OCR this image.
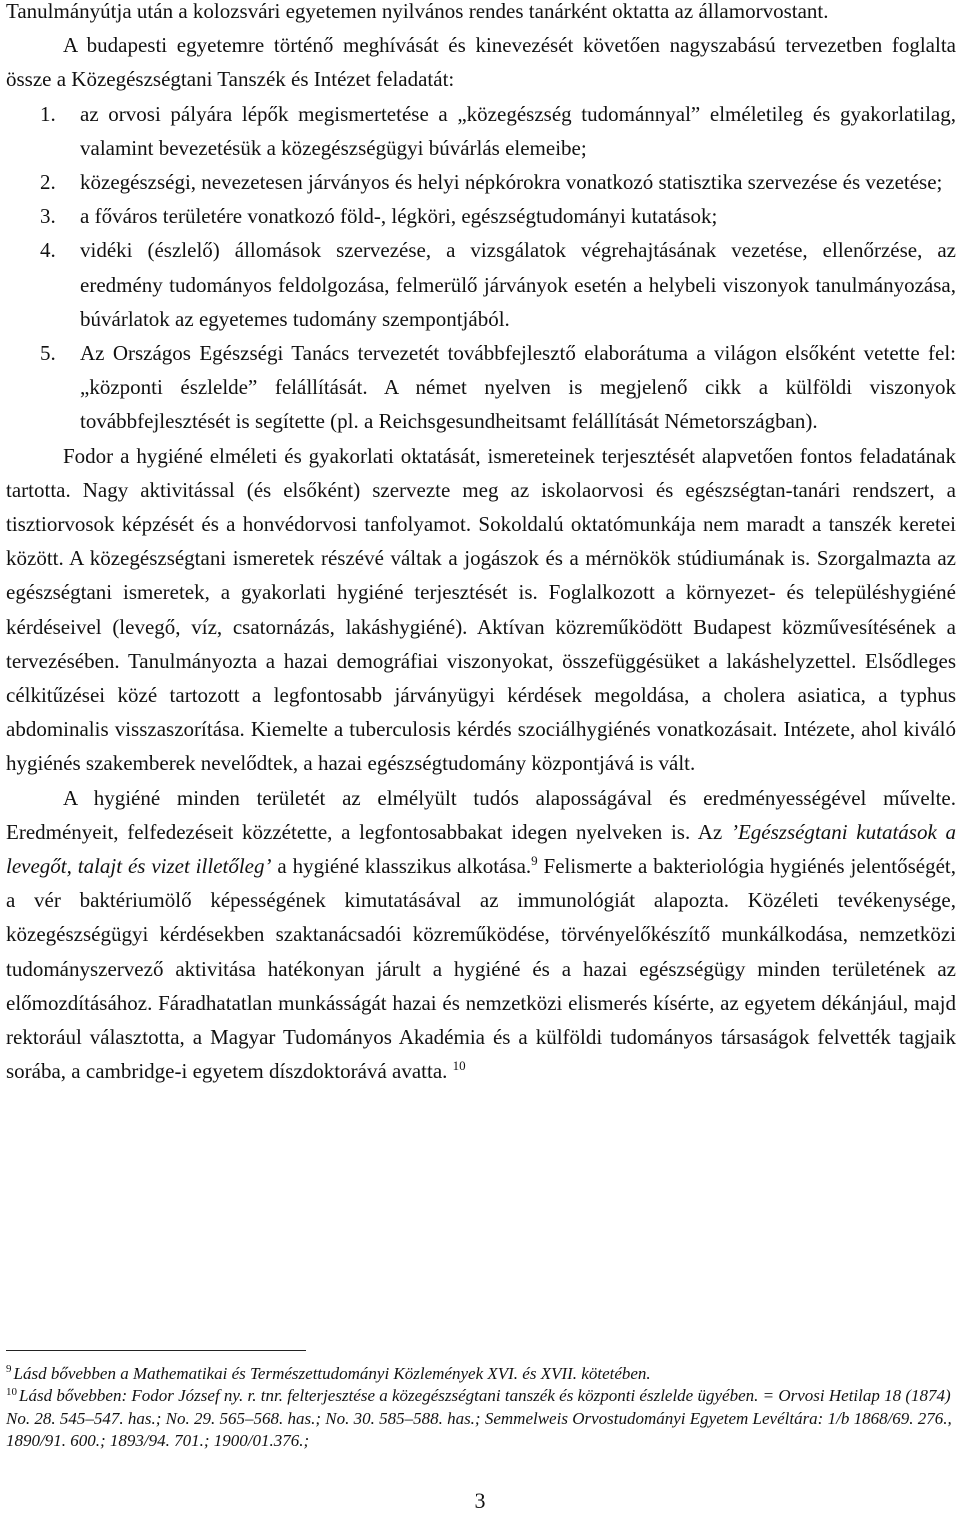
Tanulmányútja után a kolozsvári egyetemen nyilvános rendes tanárként oktatta az államorvostant.

A budapesti egyetemre történő meghívását és kinevezését követően nagyszabású tervezetben foglalta össze a Közegészségtani Tanszék és Intézet feladatát:

1. az orvosi pályára lépők megismertetése a „közegészség tudománnyal” elméletileg és gyakorlatilag, valamint bevezetésük a közegészségügyi búvárlás elemeibe;
2. közegészségi, nevezetesen járványos és helyi népkórokra vonatkozó statisztika szervezése és vezetése;
3. a főváros területére vonatkozó föld-, légköri, egészségtudományi kutatások;
4. vidéki (észlelő) állomások szervezése, a vizsgálatok végrehajtásának vezetése, ellenőrzése, az eredmény tudományos feldolgozása, felmerülő járványok esetén a helybeli viszonyok tanulmányozása, búvárlatok az egyetemes tudomány szempontjából.
5. Az Országos Egészségi Tanács tervezetét továbbfejlesztő elaborátuma a világon elsőként vetette fel: „központi észlelde” felállítását. A német nyelven is megjelenő cikk a külföldi viszonyok továbbfejlesztését is segítette (pl. a Reichsgesundheitsamt felállítását Németországban).

Fodor a hygiéné elméleti és gyakorlati oktatását, ismereteinek terjesztését alapvetően fontos feladatának tartotta. Nagy aktivitással (és elsőként) szervezte meg az iskolaorvosi és egészségtan-tanári rendszert, a tisztiorvosok képzését és a honvédorvosi tanfolyamot. Sokoldalú oktatómunkája nem maradt a tanszék keretei között. A közegészségtani ismeretek részévé váltak a jogászok és a mérnökök stúdiumának is. Szorgalmazta az egészségtani ismeretek, a gyakorlati hygiéné terjesztését is. Foglalkozott a környezet- és településhygiéné kérdéseivel (levegő, víz, csatornázás, lakáshygiéné). Aktívan közreműködött Budapest közművesítésének a tervezésében. Tanulmányozta a hazai demográfiai viszonyokat, összefüggésüket a lakáshelyzettel. Elsődleges célkitűzései közé tartozott a legfontosabb járványügyi kérdések megoldása, a cholera asiatica, a typhus abdominalis visszaszorítása. Kiemelte a tuberculosis kérdés szociálhygiénés vonatkozásait. Intézete, ahol kiváló hygiénés szakemberek nevelődtek, a hazai egészségtudomány központjává is vált.

A hygiéné minden területét az elmélyült tudós alaposságával és eredményességével művelte. Eredményeit, felfedezéseit közzétette, a legfontosabbakat idegen nyelveken is. Az ’Egészségtani kutatások a levegőt, talajt és vizet illetőleg’ a hygiéné klasszikus alkotása.$^9$ Felismerte a bakteriológia hygiénés jelentőségét, a vér baktériumölő képességének kimutatásával az immunológiát alapozta. Közéleti tevékenysége, közegészségügyi kérdésekben szaktanácsadói közreműködése, törvényelőkészítő munkálkodása, nemzetközi tudományszervező aktivitása hatékonyan járult a hygiéné és a hazai egészségügy minden területének az előmozdításához. Fáradhatatlan munkásságát hazai és nemzetközi elismerés kísérte, az egyetem dékánjául, majd rektorául választotta, a Magyar Tudományos Akadémia és a külföldi tudományos társaságok felvették tagjaik sorába, a cambridge-i egyetem díszdoktorává avatta. $^{10}$

$^9$ Lásd bővebben a Mathematikai és Természettudományi Közlemények XVI. és XVII. kötetében.

$^{10}$ Lásd bővebben: Fodor József ny. r. tnr. felterjesztése a közegészségtani tanszék és központi észlelde ügyében. = Orvosi Hetilap 18 (1874) No. 28. 545–547. has.; No. 29. 565–568. has.; No. 30. 585–588. has.; Semmelweis Orvostudományi Egyetem Levéltára: 1/b 1868/69. 276., 1890/91. 600.; 1893/94. 701.; 1900/01.376.;

3
